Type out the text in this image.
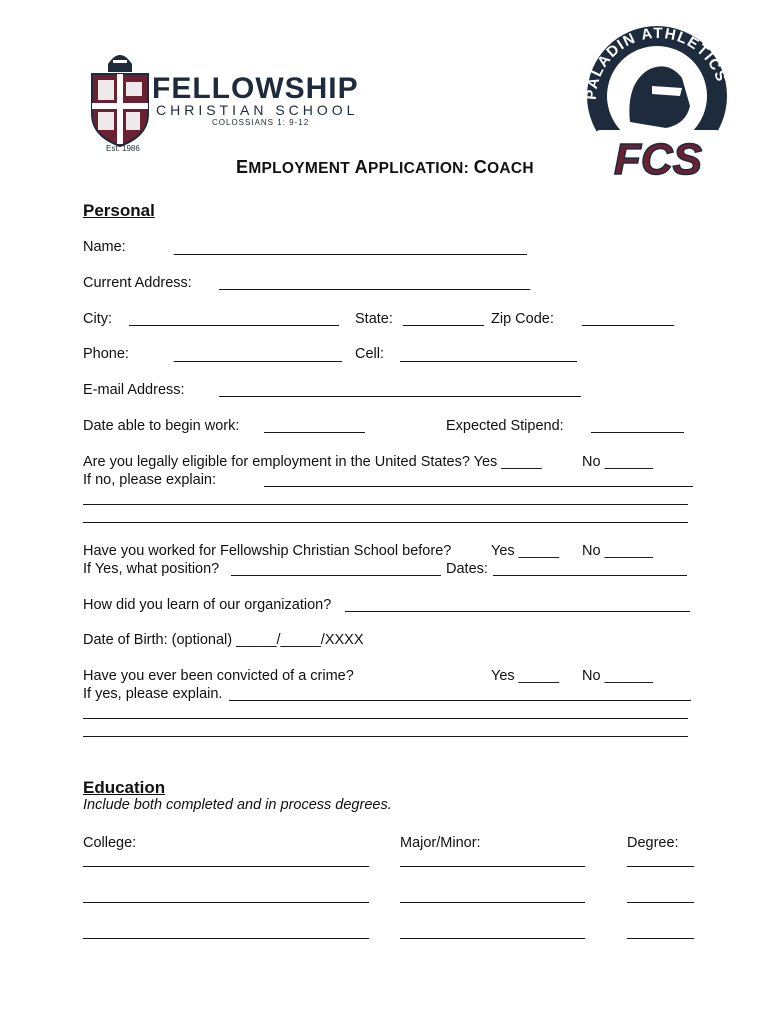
FELLOWSHIP
CHRISTIAN SCHOOL
COLOSSIANS 1: 9-12
Est. 1986	FCS
PALADIN ATHLETICS
EMPLOYMENT APPLICATION: COACH
Personal
Name:
Current Address:
City:	State:	Zip Code:
Phone:	Cell:
E-mail Address:
Date able to begin work:	Expected Stipend:
Are you legally eligible for employment in the United States? Yes _____	No ______
If no, please explain:
Have you worked for Fellowship Christian School before?	Yes _____ No ______
If Yes, what position?	Dates:
How did you learn of our organization?
Date of Birth: (optional) _____/_____/XXXX
Have you ever been convicted of a crime?	Yes _____ No ______
If yes, please explain.
Education
Include both completed and in process degrees.
College:	Major/Minor:	Degree:
